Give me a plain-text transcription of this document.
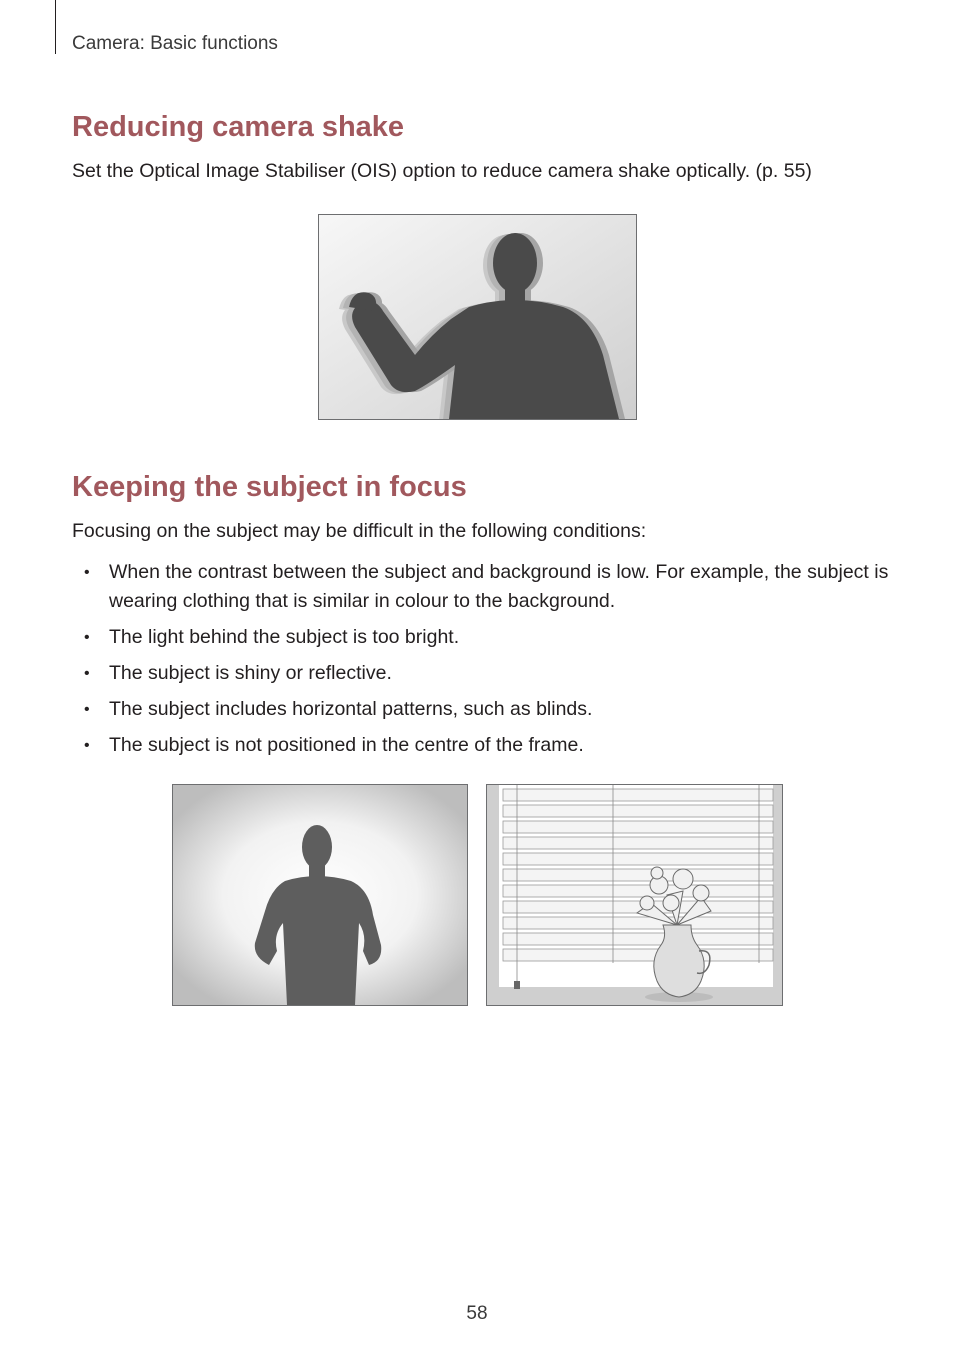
Camera: Basic functions
Reducing camera shake

Set the Optical Image Stabiliser (OIS) option to reduce camera shake optically. (p. 55)

Keeping the subject in focus

Focusing on the subject may be difficult in the following conditions:

• When the contrast between the subject and background is low. For example, the subject is wearing clothing that is similar in colour to the background.
• The light behind the subject is too bright.
• The subject is shiny or reflective.
• The subject includes horizontal patterns, such as blinds.
• The subject is not positioned in the centre of the frame.
58
